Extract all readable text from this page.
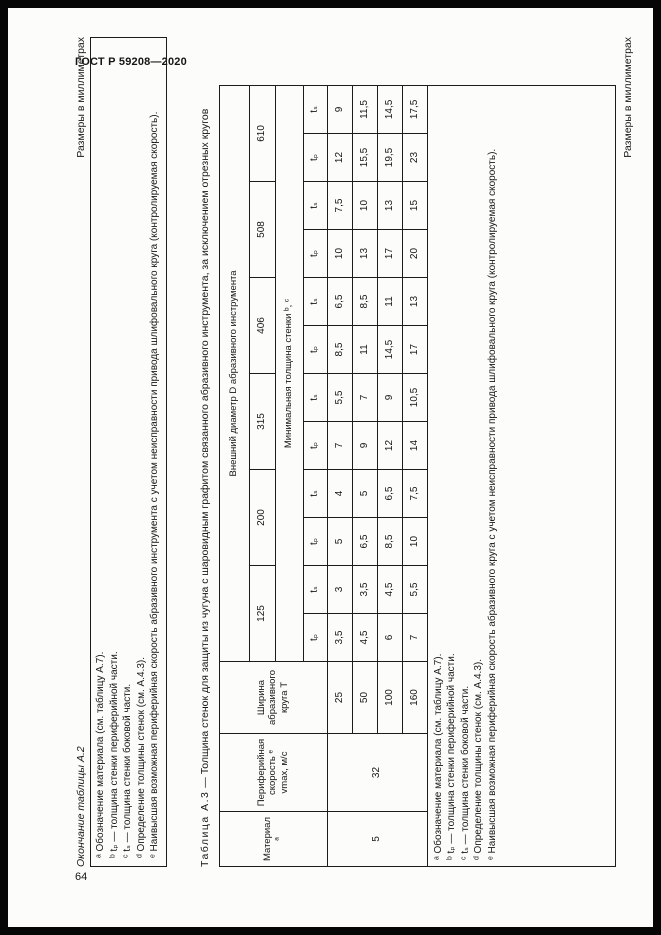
ГОСТ Р 59208—2020
64
Окончание таблицы А.2
Размеры в миллиметрах
ᵃ Обозначение материала (см. таблицу А.7). ᵇ tₚ — толщина стенки периферийной части. ᶜ tₛ — толщина стенки боковой части. ᵈ Определение толщины стенок (см. А.4.3). ᵉ Наивысшая возможная периферийная скорость абразивного инструмента с учетом неисправности привода шлифовального круга (контролируемая скорость).	Таблица А.3 — Толщина стенок для защиты из чугуна с шаровидным графитом связанного абразивного инструмента, за исключением отрезных кругов
Материал ᵃ	Периферийная скорость ᵉ vmax, м/с	Ширина абразивного круга Т	Внешний диаметр D абразивного инструмента											
			125		200		315		406		508		610	
			Минимальная толщина стенки ᵇ, ᶜ											
			tₚ	tₛ	tₚ	tₛ	tₚ	tₛ	tₚ	tₛ	tₚ	tₛ	tₚ	tₛ
5	32	25	3,5	3	5	4	7	5,5	8,5	6,5	10	7,5	12	9
		50	4,5	3,5	6,5	5	9	7	11	8,5	13	10	15,5	11,5
		100	6	4,5	8,5	6,5	12	9	14,5	11	17	13	19,5	14,5
		160	7	5,5	10	7,5	14	10,5	17	13	20	15	23	17,5

ᵃ Обозначение материала (см. таблицу А.7). ᵇ tₚ — толщина стенки периферийной части. ᶜ tₛ — толщина стенки боковой части. ᵈ Определение толщины стенок (см. А.4.3). ᵉ Наивысшая возможная периферийная скорость абразивного круга с учетом неисправности привода шлифовального круга (контролируемая скорость).														
Размеры в миллиметрах
